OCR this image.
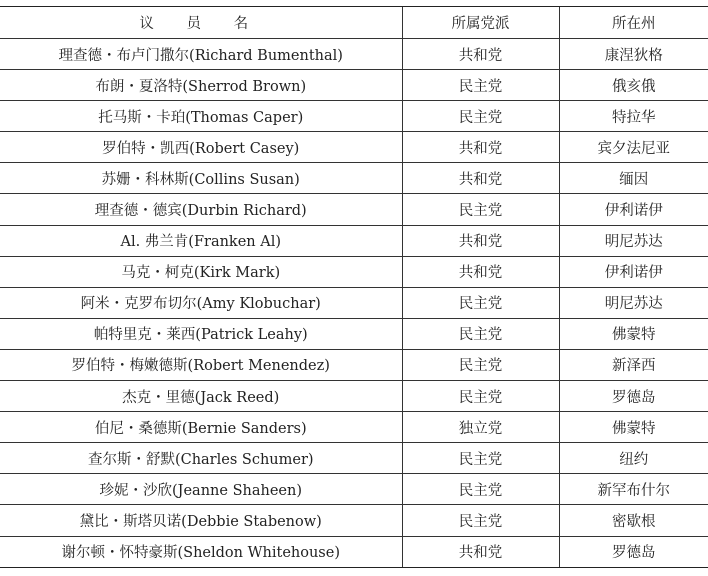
议 员 名	所属党派	所在州
理查德・布卢门撒尔(Richard Bumenthal)	共和党	康涅狄格
布朗・夏洛特(Sherrod Brown)	民主党	俄亥俄
托马斯・卡珀(Thomas Caper)	民主党	特拉华
罗伯特・凯西(Robert Casey)	共和党	宾夕法尼亚
苏姗・科林斯(Collins Susan)	共和党	缅因
理查德・德宾(Durbin Richard)	民主党	伊利诺伊
Al. 弗兰肯(Franken Al)	共和党	明尼苏达
马克・柯克(Kirk Mark)	共和党	伊利诺伊
阿米・克罗布切尔(Amy Klobuchar)	民主党	明尼苏达
帕特里克・莱西(Patrick Leahy)	民主党	佛蒙特
罗伯特・梅嫩德斯(Robert Menendez)	民主党	新泽西
杰克・里德(Jack Reed)	民主党	罗德岛
伯尼・桑德斯(Bernie Sanders)	独立党	佛蒙特
查尔斯・舒默(Charles Schumer)	民主党	纽约
珍妮・沙欣(Jeanne Shaheen)	民主党	新罕布什尔
黛比・斯塔贝诺(Debbie Stabenow)	民主党	密歇根
谢尔顿・怀特豪斯(Sheldon Whitehouse)	共和党	罗德岛
